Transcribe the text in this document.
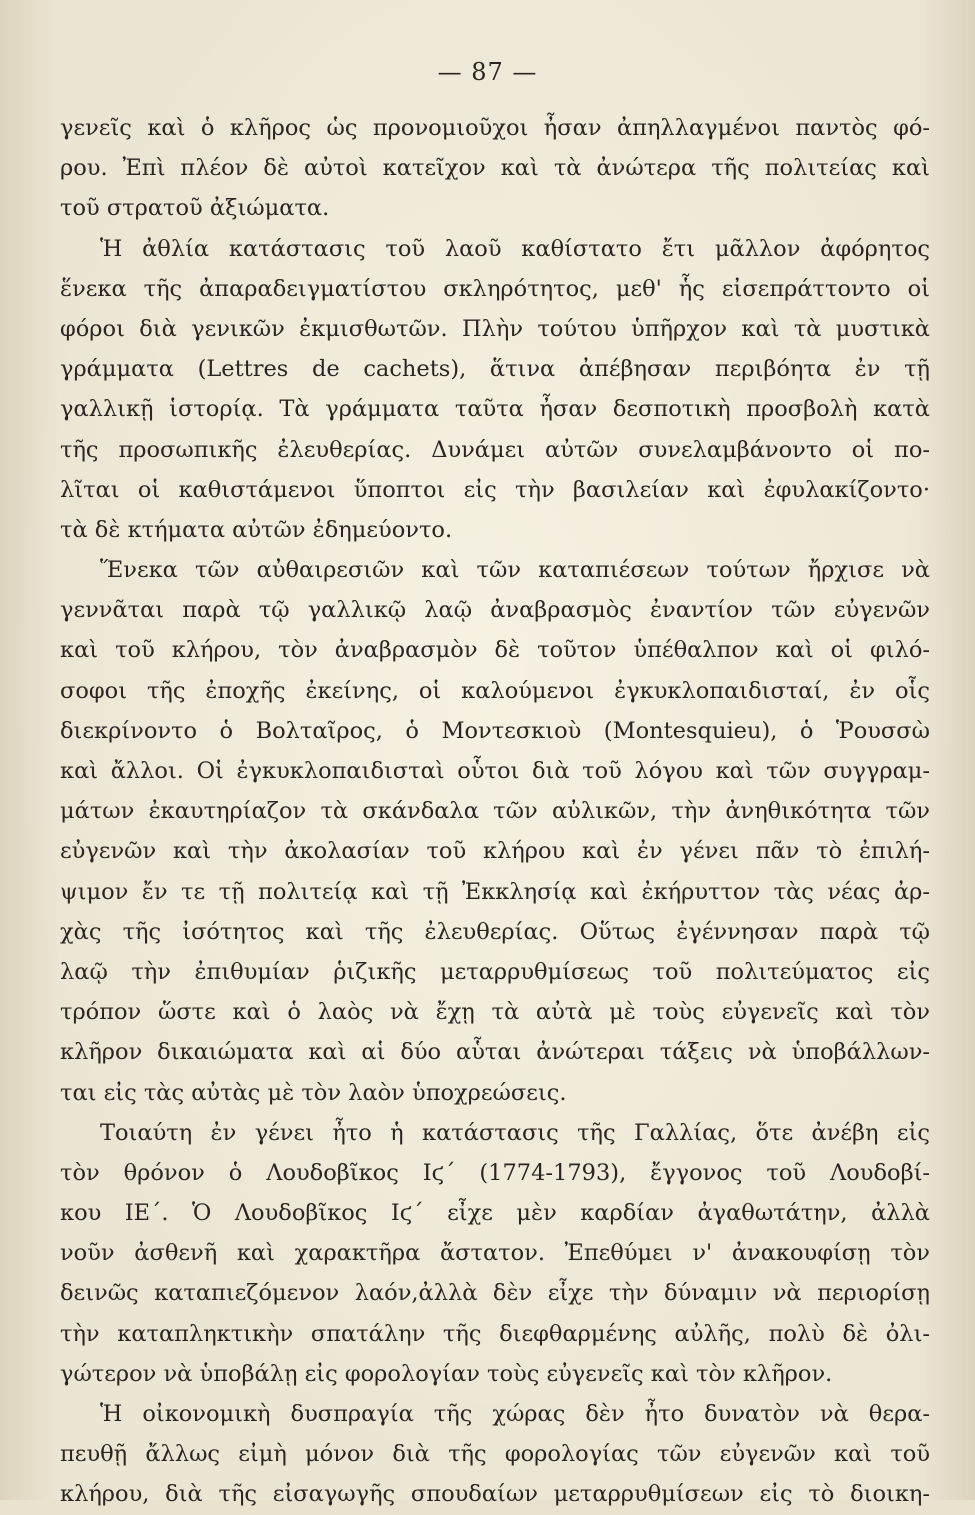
— 87 —
γενεῖς καὶ ὁ κλῆρος ὡς προνομιοῦχοι ἦσαν ἀπηλλαγμένοι παντὸς φό-
ρου. Ἐπὶ πλέον δὲ αὐτοὶ κατεῖχον καὶ τὰ ἀνώτερα τῆς πολιτείας καὶ
τοῦ στρατοῦ ἀξιώματα.
Ἡ ἀθλία κατάστασις τοῦ λαοῦ καθίστατο ἔτι μᾶλλον ἀφόρητος
ἕνεκα τῆς ἀπαραδειγματίστου σκληρότητος, μεθ' ἧς εἰσεπράττοντο οἱ
φόροι διὰ γενικῶν ἐκμισθωτῶν. Πλὴν τούτου ὑπῆρχον καὶ τὰ μυστικὰ
γράμματα (Lettres de cachets), ἅτινα ἀπέβησαν περιβόητα ἐν τῇ
γαλλικῇ ἱστορίᾳ. Τὰ γράμματα ταῦτα ἦσαν δεσποτικὴ προσβολὴ κατὰ
τῆς προσωπικῆς ἐλευθερίας. Δυνάμει αὐτῶν συνελαμβάνοντο οἱ πο-
λῖται οἱ καθιστάμενοι ὕποπτοι εἰς τὴν βασιλείαν καὶ ἐφυλακίζοντο·
τὰ δὲ κτήματα αὐτῶν ἐδημεύοντο.
Ἕνεκα τῶν αὐθαιρεσιῶν καὶ τῶν καταπιέσεων τούτων ἤρχισε νὰ
γεννᾶται παρὰ τῷ γαλλικῷ λαῷ ἀναβρασμὸς ἐναντίον τῶν εὐγενῶν
καὶ τοῦ κλήρου, τὸν ἀναβρασμὸν δὲ τοῦτον ὑπέθαλπον καὶ οἱ φιλό-
σοφοι τῆς ἐποχῆς ἐκείνης, οἱ καλούμενοι ἐγκυκλοπαιδισταί, ἐν οἷς
διεκρίνοντο ὁ Βολταῖρος, ὁ Μοντεσκιοὺ (Montesquieu), ὁ Ῥουσσὼ
καὶ ἄλλοι. Οἱ ἐγκυκλοπαιδισταὶ οὗτοι διὰ τοῦ λόγου καὶ τῶν συγγραμ-
μάτων ἐκαυτηρίαζον τὰ σκάνδαλα τῶν αὐλικῶν, τὴν ἀνηθικότητα τῶν
εὐγενῶν καὶ τὴν ἀκολασίαν τοῦ κλήρου καὶ ἐν γένει πᾶν τὸ ἐπιλή-
ψιμον ἔν τε τῇ πολιτείᾳ καὶ τῇ Ἐκκλησίᾳ καὶ ἐκήρυττον τὰς νέας ἀρ-
χὰς τῆς ἰσότητος καὶ τῆς ἐλευθερίας. Οὕτως ἐγέννησαν παρὰ τῷ
λαῷ τὴν ἐπιθυμίαν ῥιζικῆς μεταρρυθμίσεως τοῦ πολιτεύματος εἰς
τρόπον ὥστε καὶ ὁ λαὸς νὰ ἔχῃ τὰ αὐτὰ μὲ τοὺς εὐγενεῖς καὶ τὸν
κλῆρον δικαιώματα καὶ αἱ δύο αὗται ἀνώτεραι τάξεις νὰ ὑποβάλλων-
ται εἰς τὰς αὐτὰς μὲ τὸν λαὸν ὑποχρεώσεις.
Τοιαύτη ἐν γένει ἦτο ἡ κατάστασις τῆς Γαλλίας, ὅτε ἀνέβη εἰς
τὸν θρόνον ὁ Λουδοβῖκος Ιϛ΄ (1774-1793), ἔγγονος τοῦ Λουδοβί-
κου ΙΕ΄. Ὁ Λουδοβῖκος Ιϛ΄ εἶχε μὲν καρδίαν ἀγαθωτάτην, ἀλλὰ
νοῦν ἀσθενῆ καὶ χαρακτῆρα ἄστατον. Ἐπεθύμει ν' ἀνακουφίσῃ τὸν
δεινῶς καταπιεζόμενον λαόν,ἀλλὰ δὲν εἶχε τὴν δύναμιν νὰ περιορίσῃ
τὴν καταπληκτικὴν σπατάλην τῆς διεφθαρμένης αὐλῆς, πολὺ δὲ ὀλι-
γώτερον νὰ ὑποβάλῃ εἰς φορολογίαν τοὺς εὐγενεῖς καὶ τὸν κλῆρον.
Ἡ οἰκονομικὴ δυσπραγία τῆς χώρας δὲν ἦτο δυνατὸν νὰ θερα-
πευθῇ ἄλλως εἰμὴ μόνον διὰ τῆς φορολογίας τῶν εὐγενῶν καὶ τοῦ
κλήρου, διὰ τῆς εἰσαγωγῆς σπουδαίων μεταρρυθμίσεων εἰς τὸ διοικη-
